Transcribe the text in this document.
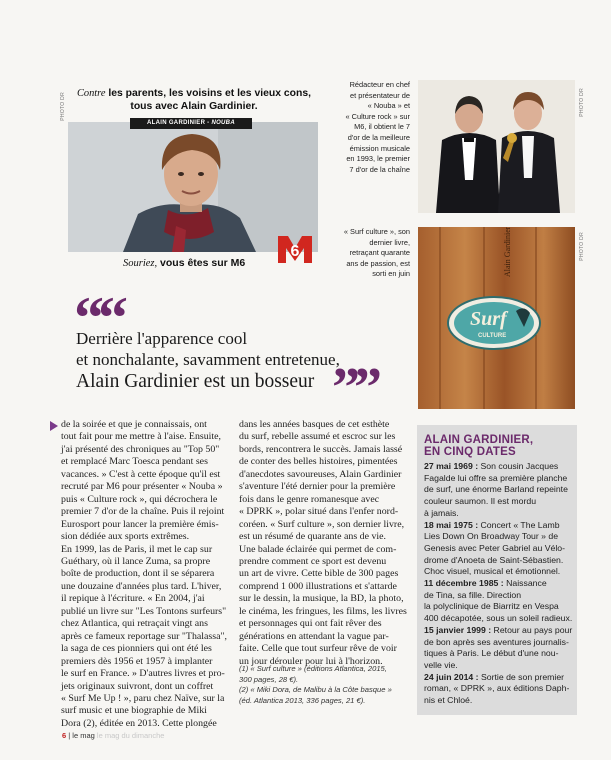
PHOTO DR	PHOTO DR
PHOTO DR
Contre les parents, les voisins et les vieux cons,
tous avec Alain Gardinier.
ALAIN GARDINIER - NOUBA
6
Souriez, vous êtes sur M6
Rédacteur en chef
et présentateur de
« Nouba » et
« Culture rock » sur
M6, il obtient le 7
d'or de la meilleure
émission musicale
en 1993, le premier
7 d'or de la chaîne
« Surf culture », son
dernier livre,
retraçant quarante
ans de passion, est
sorti en juin	Alain Gardinier
Surf
CULTURE
““
Derrière l'apparence cool
et nonchalante, savamment entretenue,
Alain Gardinier est un bosseur ””
de la soirée et que je connaissais, ont
tout fait pour me mettre à l'aise. Ensuite,
j'ai présenté des chroniques au "Top 50"
et remplacé Marc Toesca pendant ses
vacances. » C'est à cette époque qu'il est
recruté par M6 pour présenter « Nouba »
puis « Culture rock », qui décrochera le
premier 7 d'or de la chaîne. Puis il rejoint
Eurosport pour lancer la première émis-
sion dédiée aux sports extrêmes.
En 1999, las de Paris, il met le cap sur
Guéthary, où il lance Zuma, sa propre
boîte de production, dont il se séparera
une douzaine d'années plus tard. L'hiver,
il repique à l'écriture. « En 2004, j'ai
publié un livre sur "Les Tontons surfeurs"
chez Atlantica, qui retraçait vingt ans
après ce fameux reportage sur "Thalassa",
la saga de ces pionniers qui ont été les
premiers dès 1956 et 1957 à implanter
le surf en France. » D'autres livres et pro-
jets originaux suivront, dont un coffret
« Surf Me Up ! », paru chez Naïve, sur la
surf music et une biographie de Miki
Dora (2), éditée en 2013. Cette plongée
dans les années basques de cet esthète
du surf, rebelle assumé et escroc sur les
bords, rencontrera le succès. Jamais lassé
de conter des belles histoires, pimentées
d'anecdotes savoureuses, Alain Gardinier
s'aventure l'été dernier pour la première
fois dans le genre romanesque avec
« DPRK », polar situé dans l'enfer nord-
coréen. « Surf culture », son dernier livre,
est un résumé de quarante ans de vie.
Une balade éclairée qui permet de com-
prendre comment ce sport est devenu
un art de vivre. Cette bible de 300 pages
comprend 1 000 illustrations et s'attarde
sur le dessin, la musique, la BD, la photo,
le cinéma, les fringues, les films, les livres
et personnages qui ont fait rêver des
générations en attendant la vague par-
faite. Celle que tout surfeur rêve de voir
un jour dérouler pour lui à l'horizon.
(1) « Surf culture » (éditions Atlantica, 2015,
300 pages, 28 €).
(2) « Miki Dora, de Malibu à la Côte basque »
(éd. Atlantica 2013, 336 pages, 21 €).
ALAIN GARDINIER,
EN CINQ DATES
27 mai 1969 : Son cousin Jacques
Fagalde lui offre sa première planche
de surf, une énorme Barland repeinte
couleur saumon. Il est mordu
à jamais.
18 mai 1975 : Concert « The Lamb
Lies Down On Broadway Tour » de
Genesis avec Peter Gabriel au Vélo-
drome d'Anoeta de Saint-Sébastien.
Choc visuel, musical et émotionnel.
11 décembre 1985 : Naissance
de Tina, sa fille. Direction
la polyclinique de Biarritz en Vespa
400 décapotée, sous un soleil radieux.
15 janvier 1999 : Retour au pays pour
de bon après ses aventures journalis-
tiques à Paris. Le début d'une nou-
velle vie.
24 juin 2014 : Sortie de son premier
roman, « DPRK », aux éditions Daph-
nis et Chloé.
6 | le mag le mag du dimanche
